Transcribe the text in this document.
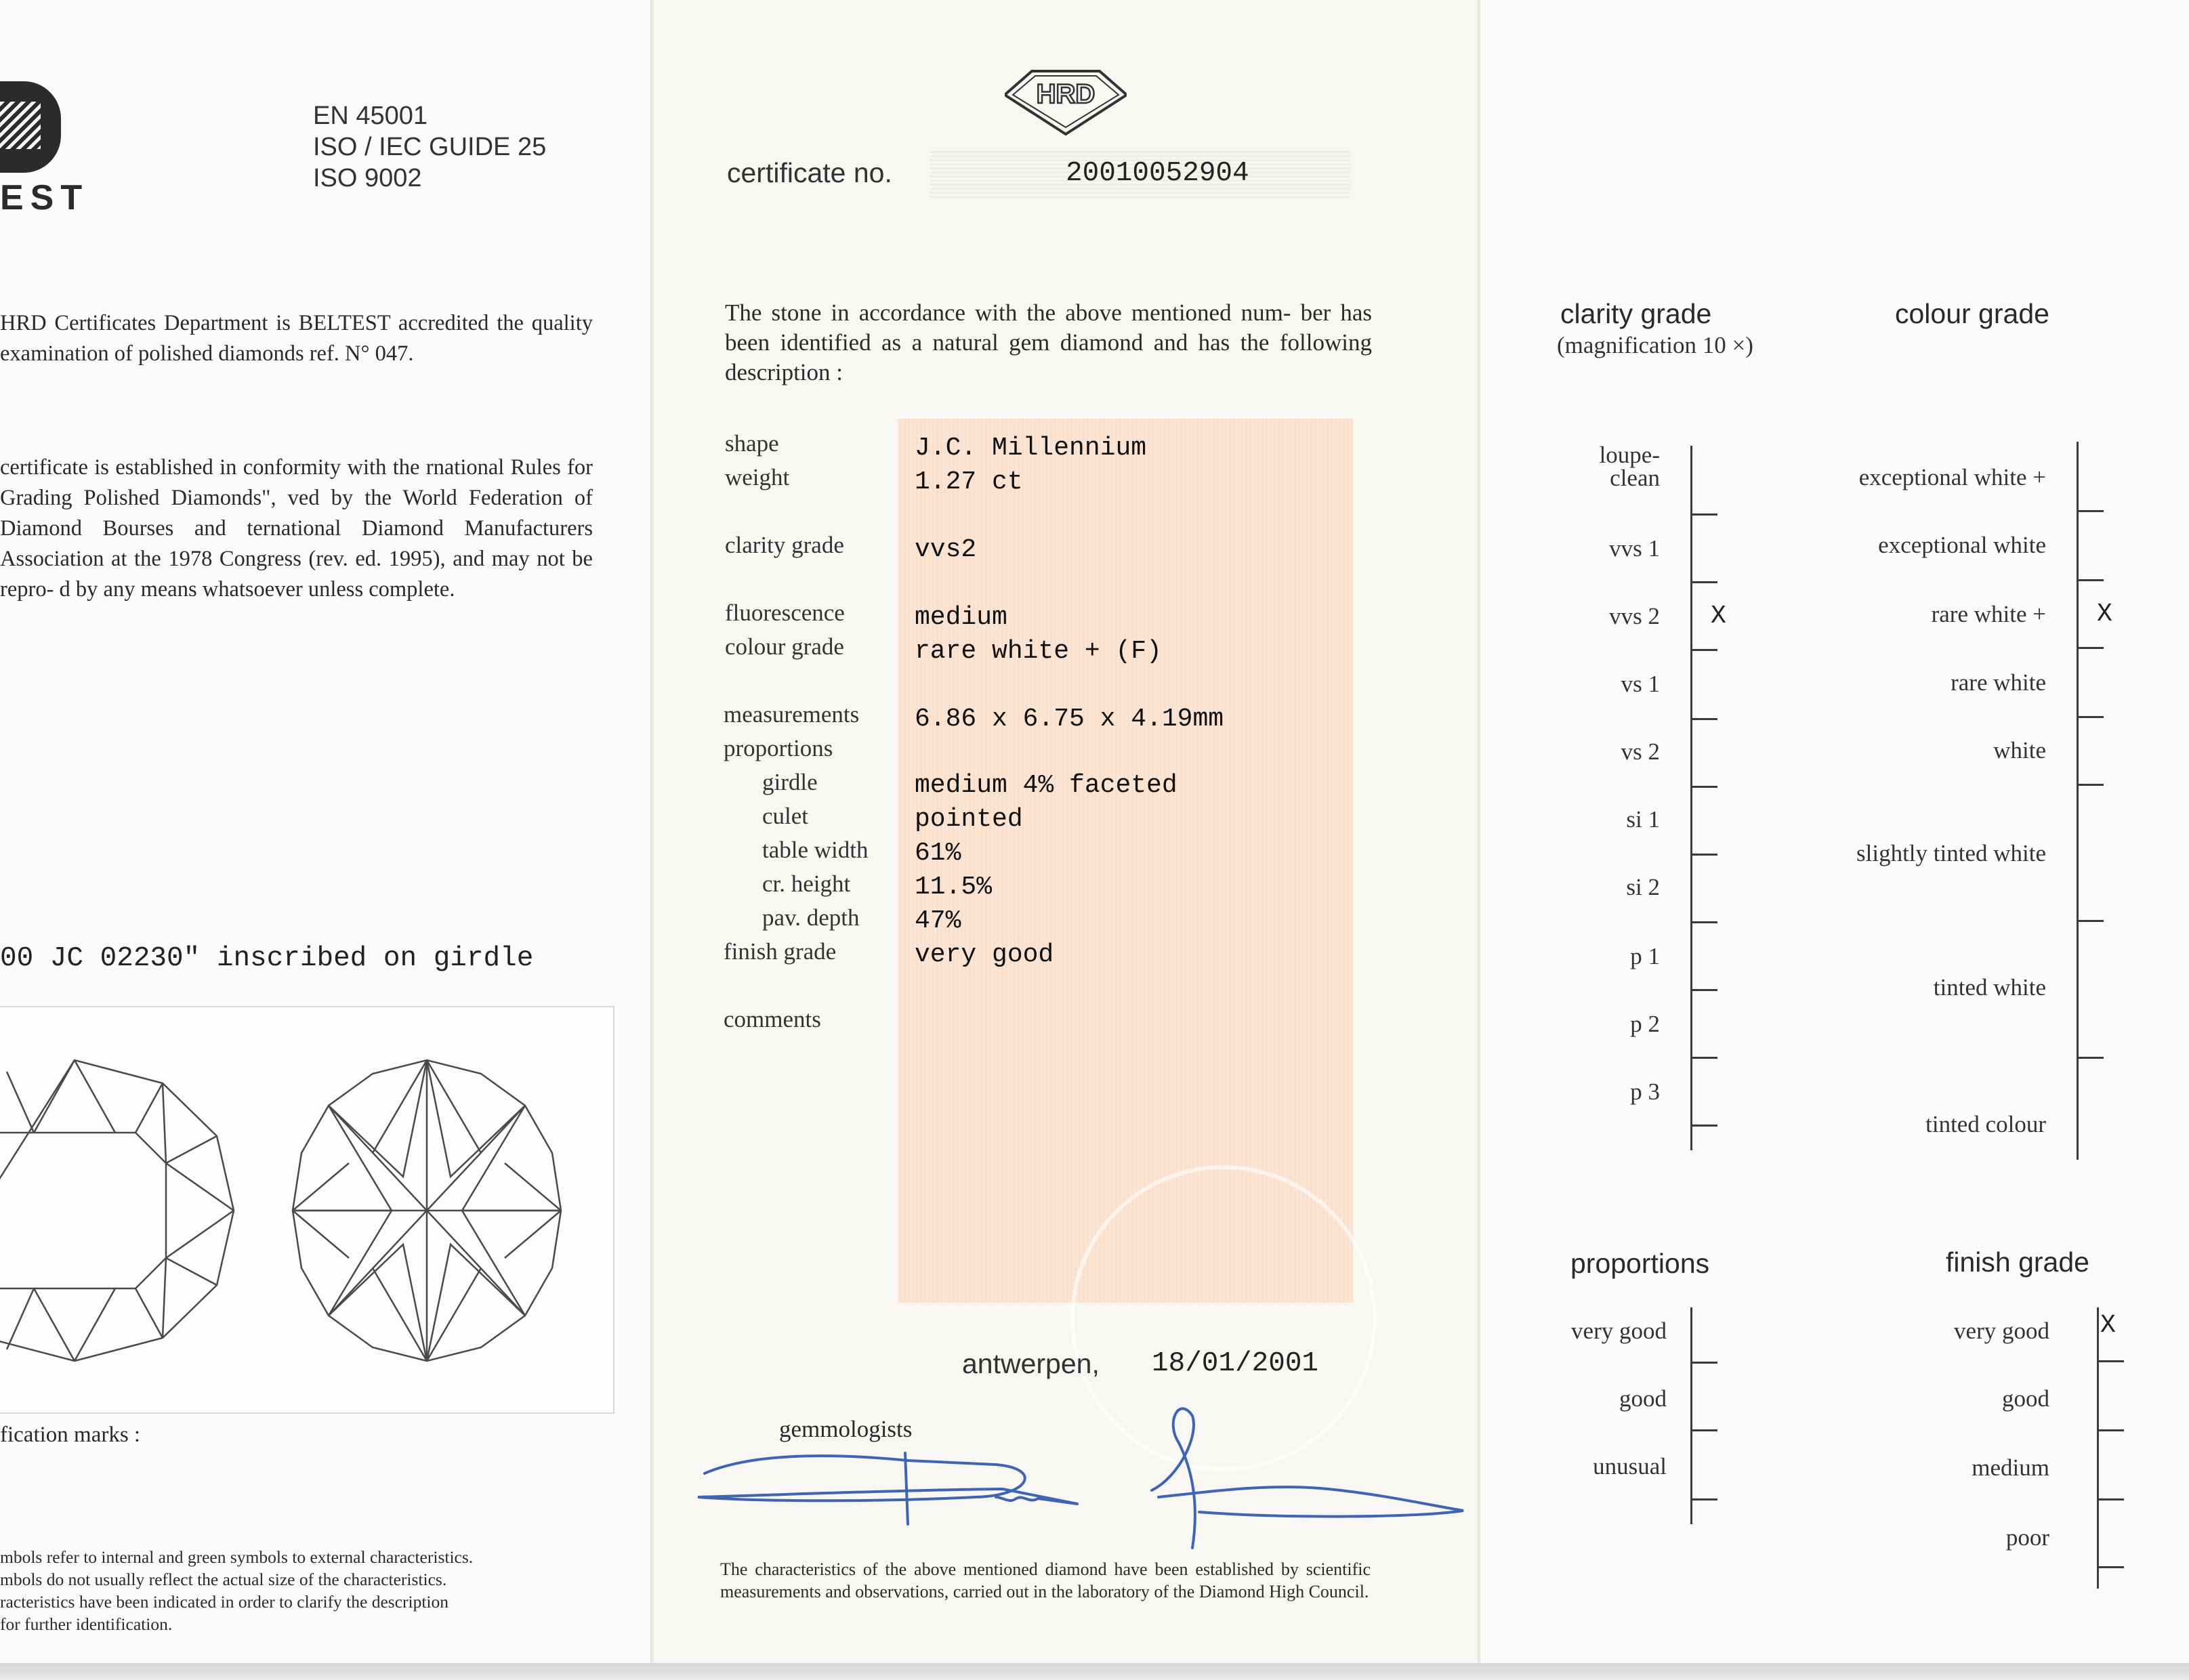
EST
EN 45001
ISO / IEC GUIDE 25
ISO 9002
HRD Certificates Department is BELTEST accredited the quality examination of polished diamonds ref. N° 047.
certificate is established in conformity with the rnational Rules for Grading Polished Diamonds", ved by the World Federation of Diamond Bourses and ternational Diamond Manufacturers Association at the 1978 Congress (rev. ed. 1995), and may not be repro- d by any means whatsoever unless complete.
00 JC 02230" inscribed on girdle
fication marks :
mbols refer to internal and green symbols to external characteristics.
mbols do not usually reflect the actual size of the characteristics.
racteristics have been indicated in order to clarify the description
for further identification.
HRD
certificate no.	20010052904
The stone in accordance with the above mentioned num- ber has been identified as a natural gem diamond and has the following description :
shape	J.C. Millennium
weight	1.27 ct
clarity grade	vvs2
fluorescence	medium
colour grade	rare white + (F)
measurements 6.86 x 6.75 x 4.19mm
proportions
girdle	medium 4% faceted
culet	pointed
table width 61%
cr. height 11.5%
pav. depth 47%
finish grade	very good
comments
antwerpen, 18/01/2001
gemmologists
The characteristics of the above mentioned diamond have been established by scientific measurements and observations, carried out in the laboratory of the Diamond High Council.
clarity grade
(magnification 10 ×)
loupe-clean
vvs 1
vvs 2
vs 1
vs 2
si 1
si 2
p 1
p 2
p 3
X
colour grade
exceptional white +
exceptional white
rare white +
rare white
white
slightly tinted white
tinted white
tinted colour
X
proportions
very good
good
unusual
finish grade
very good
good
medium
poor
X
